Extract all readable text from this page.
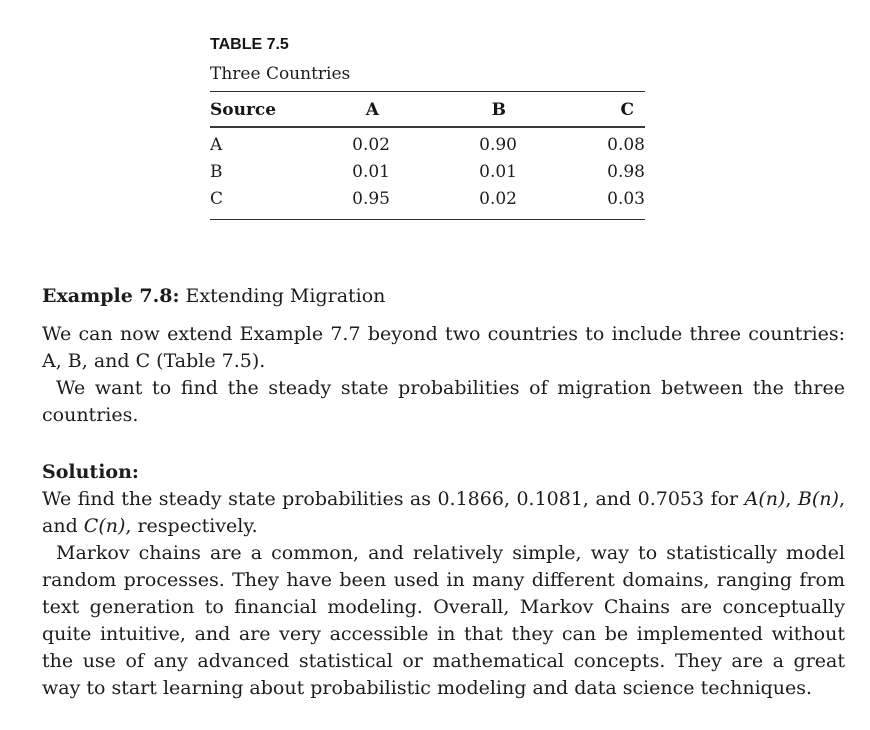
TABLE 7.5
Three Countries
Source	A	B	C
A	0.02	0.90	0.08
B	0.01	0.01	0.98
C	0.95	0.02	0.03
Example 7.8: Extending Migration

We can now extend Example 7.7 beyond two countries to include three countries: A, B, and C (Table 7.5).

We want to find the steady state probabilities of migration between the three countries.

Solution:

We find the steady state probabilities as 0.1866, 0.1081, and 0.7053 for A(n), B(n), and C(n), respectively.

Markov chains are a common, and relatively simple, way to statistically model random processes. They have been used in many different domains, ranging from text generation to financial modeling. Overall, Markov Chains are conceptually quite intuitive, and are very accessible in that they can be implemented without the use of any advanced statistical or mathematical concepts. They are a great way to start learning about probabilistic modeling and data science techniques.
